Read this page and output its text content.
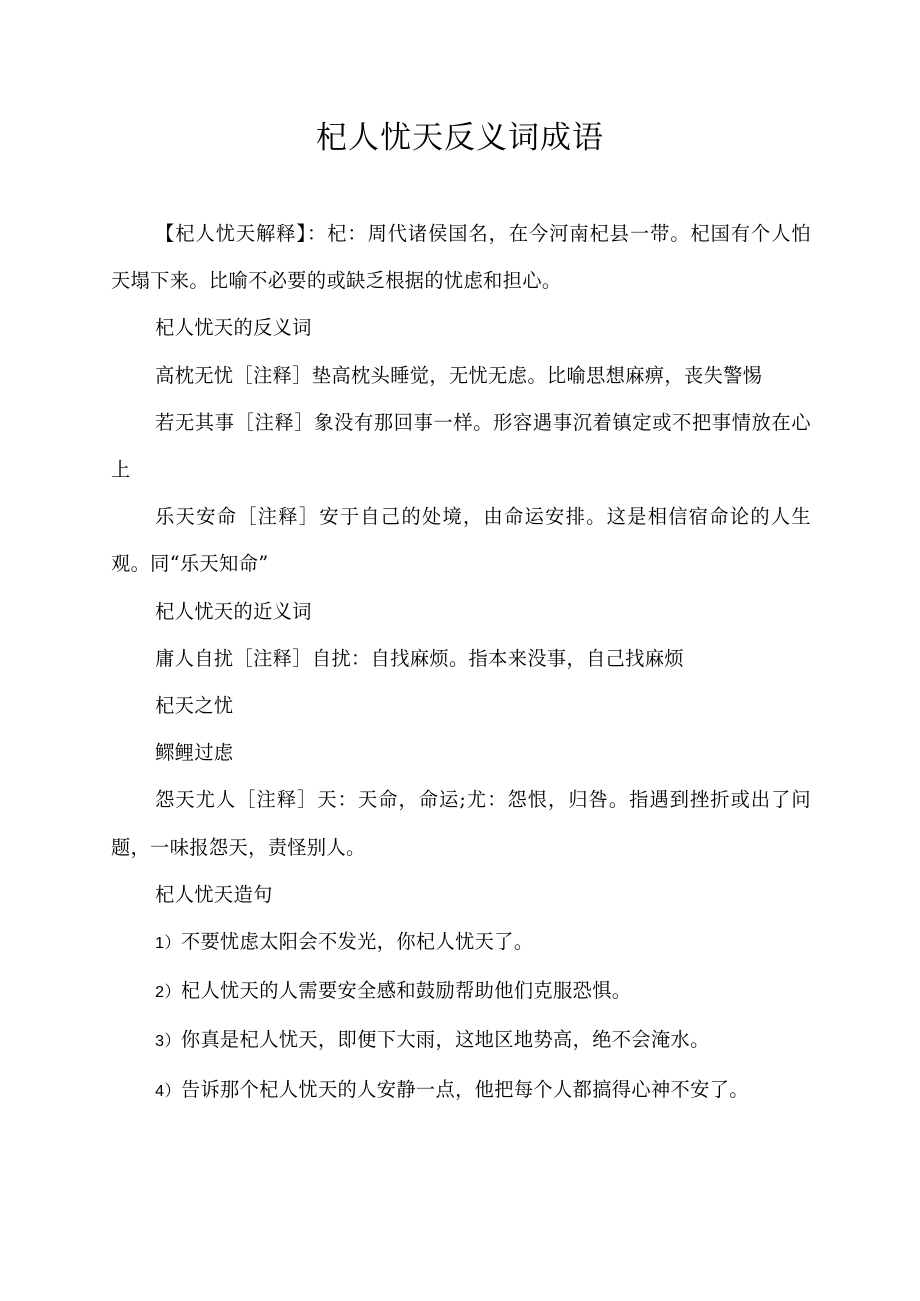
杞人忧天反义词成语

【杞人忧天解释】：杞：周代诸侯国名，在今河南杞县一带。杞国有个人怕天塌下来。比喻不必要的或缺乏根据的忧虑和担心。

杞人忧天的反义词

高枕无忧［注释］垫高枕头睡觉，无忧无虑。比喻思想麻痹，丧失警惕

若无其事［注释］象没有那回事一样。形容遇事沉着镇定或不把事情放在心上

乐天安命［注释］安于自己的处境，由命运安排。这是相信宿命论的人生观。同“乐天知命”

杞人忧天的近义词

庸人自扰［注释］自扰：自找麻烦。指本来没事，自己找麻烦

杞天之忧

鳏鲤过虑

怨天尤人［注释］天：天命，命运;尤：怨恨，归咎。指遇到挫折或出了问题，一味报怨天，责怪别人。

杞人忧天造句

1）不要忧虑太阳会不发光，你杞人忧天了。

2）杞人忧天的人需要安全感和鼓励帮助他们克服恐惧。

3）你真是杞人忧天，即便下大雨，这地区地势高，绝不会淹水。

4）告诉那个杞人忧天的人安静一点，他把每个人都搞得心神不安了。
